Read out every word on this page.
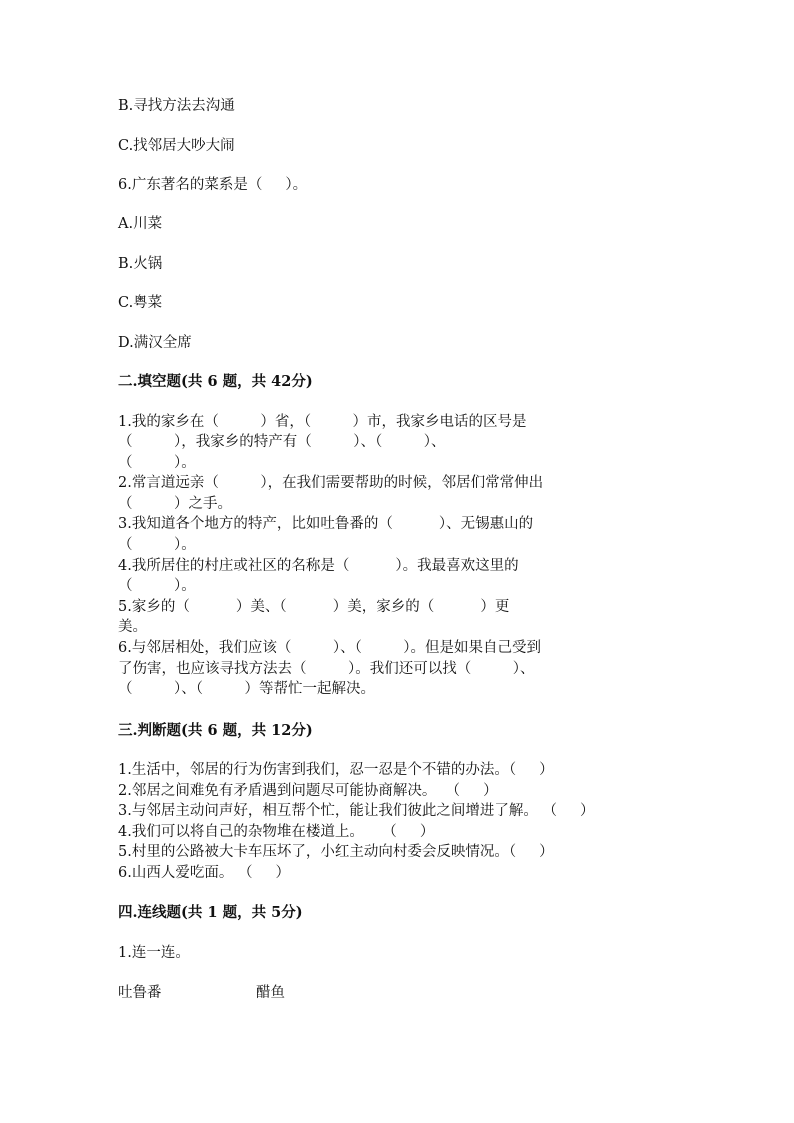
B.寻找方法去沟通
C.找邻居大吵大闹
6.广东著名的菜系是（     ）。
A.川菜
B.火锅
C.粤菜
D.满汉全席
二.填空题(共 6 题，共 42分)
1.我的家乡在（         ）省，（         ）市，我家乡电话的区号是
（         ），我家乡的特产有（         ）、（         ）、
（         ）。
2.常言道远亲（         ），在我们需要帮助的时候，邻居们常常伸出
（         ）之手。
3.我知道各个地方的特产，比如吐鲁番的（          ）、无锡惠山的
（         ）。
4.我所居住的村庄或社区的名称是（          ）。我最喜欢这里的
（         ）。
5.家乡的（          ）美、（          ）美，家乡的（          ）更
美。
6.与邻居相处，我们应该（         ）、（         ）。但是如果自己受到
了伤害，也应该寻找方法去（         ）。我们还可以找（         ）、
（         ）、（         ）等帮忙一起解决。
三.判断题(共 6 题，共 12分)
1.生活中，邻居的行为伤害到我们，忍一忍是个不错的办法。（     ）
2.邻居之间难免有矛盾遇到问题尽可能协商解决。  （     ）
3.与邻居主动问声好，相互帮个忙，能让我们彼此之间增进了解。 （     ）
4.我们可以将自己的杂物堆在楼道上。    （     ）
5.村里的公路被大卡车压坏了，小红主动向村委会反映情况。（     ）
6.山西人爱吃面。 （     ）
四.连线题(共 1 题，共 5分)
1.连一连。
吐鲁番	醋鱼
